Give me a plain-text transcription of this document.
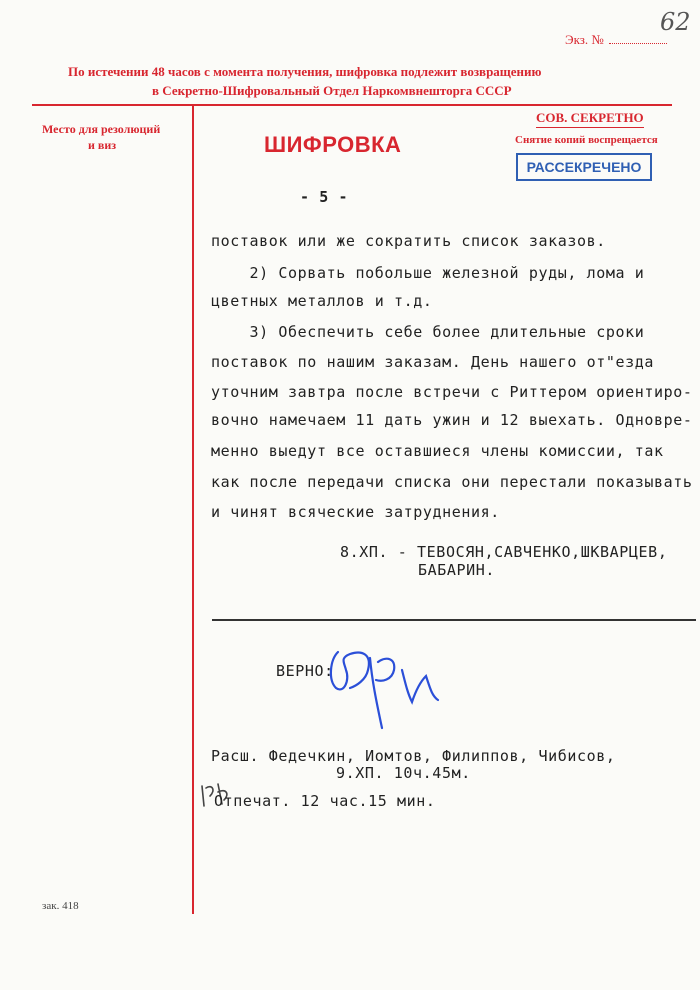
62
Экз. №
По истечении 48 часов с момента получения, шифровка подлежит возвращению
в Секретно-Шифровальный Отдел Наркомвнешторга СССР
Место для резолюций
и виз	ШИФРОВКА
СОВ. СЕКРЕТНО
Снятие копий воспрещается
РАССЕКРЕЧЕНО
- 5 -
поставок или же сократить список заказов.
2) Сорвать побольше железной руды, лома и
цветных металлов и т.д.
3) Обеспечить себе более длительные сроки
поставок по нашим заказам. День нашего от"езда
уточним завтра после встречи с Риттером ориентиро-
вочно намечаем 11 дать ужин и 12 выехать. Одновре-
менно выедут все оставшиеся члены комиссии, так
как после передачи списка они перестали показывать
и чинят всяческие затруднения.
8.XП. - ТЕВОСЯН,САВЧЕНКО,ШКВАРЦЕВ,
БАБАРИН.
ВЕРНО:
Расш. Федечкин, Иомтов, Филиппов, Чибисов,
9.XП. 10ч.45м.
Отпечат. 12 час.15 мин.
зак. 418
